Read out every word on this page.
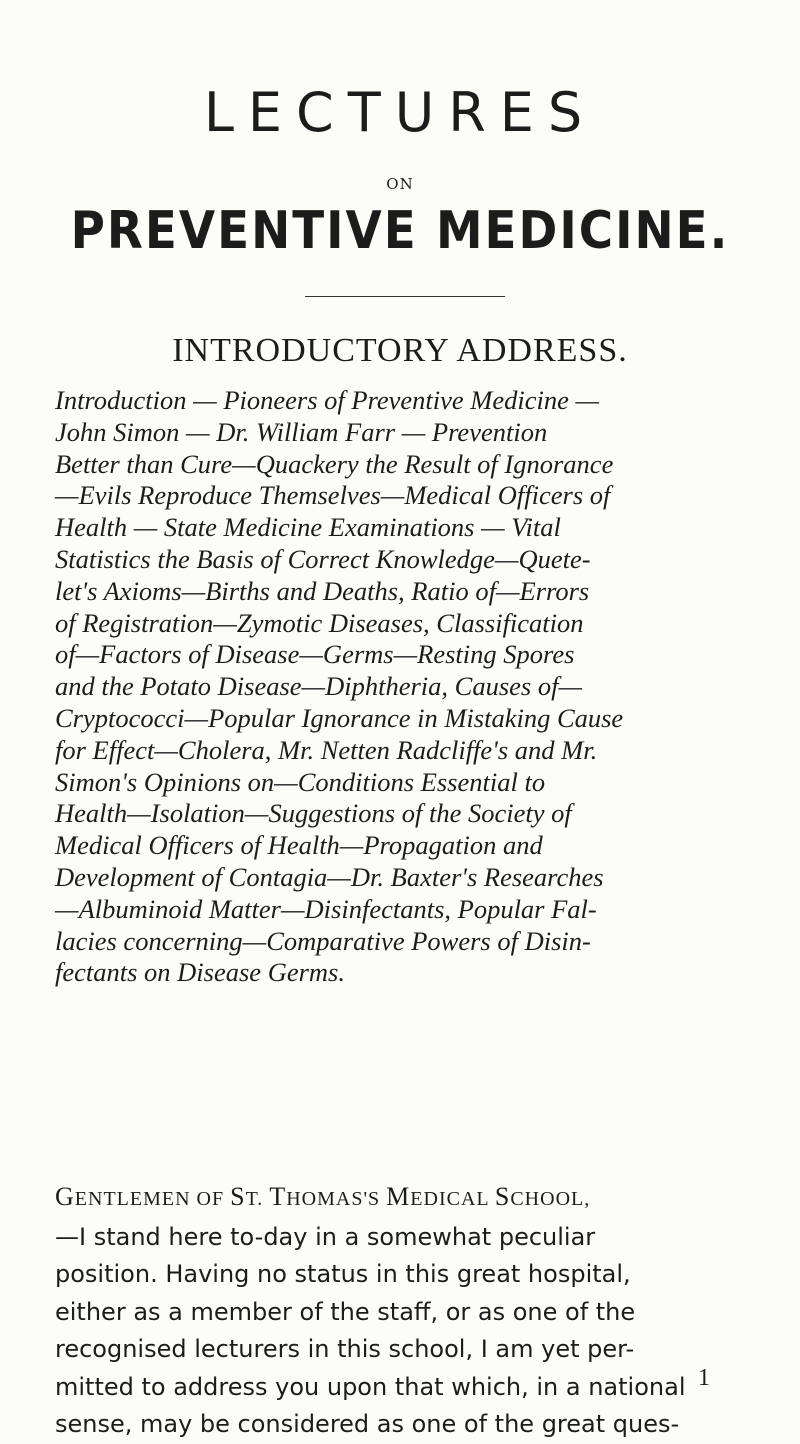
LECTURES
ON
PREVENTIVE MEDICINE.
INTRODUCTORY ADDRESS.
Introduction — Pioneers of Preventive Medicine —
John Simon — Dr. William Farr — Prevention
Better than Cure—Quackery the Result of Ignorance
—Evils Reproduce Themselves—Medical Officers of
Health — State Medicine Examinations — Vital
Statistics the Basis of Correct Knowledge—Quete-
let's Axioms—Births and Deaths, Ratio of—Errors
of Registration—Zymotic Diseases, Classification
of—Factors of Disease—Germs—Resting Spores
and the Potato Disease—Diphtheria, Causes of—
Cryptococci—Popular Ignorance in Mistaking Cause
for Effect—Cholera, Mr. Netten Radcliffe's and Mr.
Simon's Opinions on—Conditions Essential to
Health—Isolation—Suggestions of the Society of
Medical Officers of Health—Propagation and
Development of Contagia—Dr. Baxter's Researches
—Albuminoid Matter—Disinfectants, Popular Fal-
lacies concerning—Comparative Powers of Disin-
fectants on Disease Germs.
GENTLEMEN OF ST. THOMAS'S MEDICAL SCHOOL,
—I stand here to-day in a somewhat peculiar
position. Having no status in this great hospital,
either as a member of the staff, or as one of the
recognised lecturers in this school, I am yet per-
mitted to address you upon that which, in a national
sense, may be considered as one of the great ques-
1
